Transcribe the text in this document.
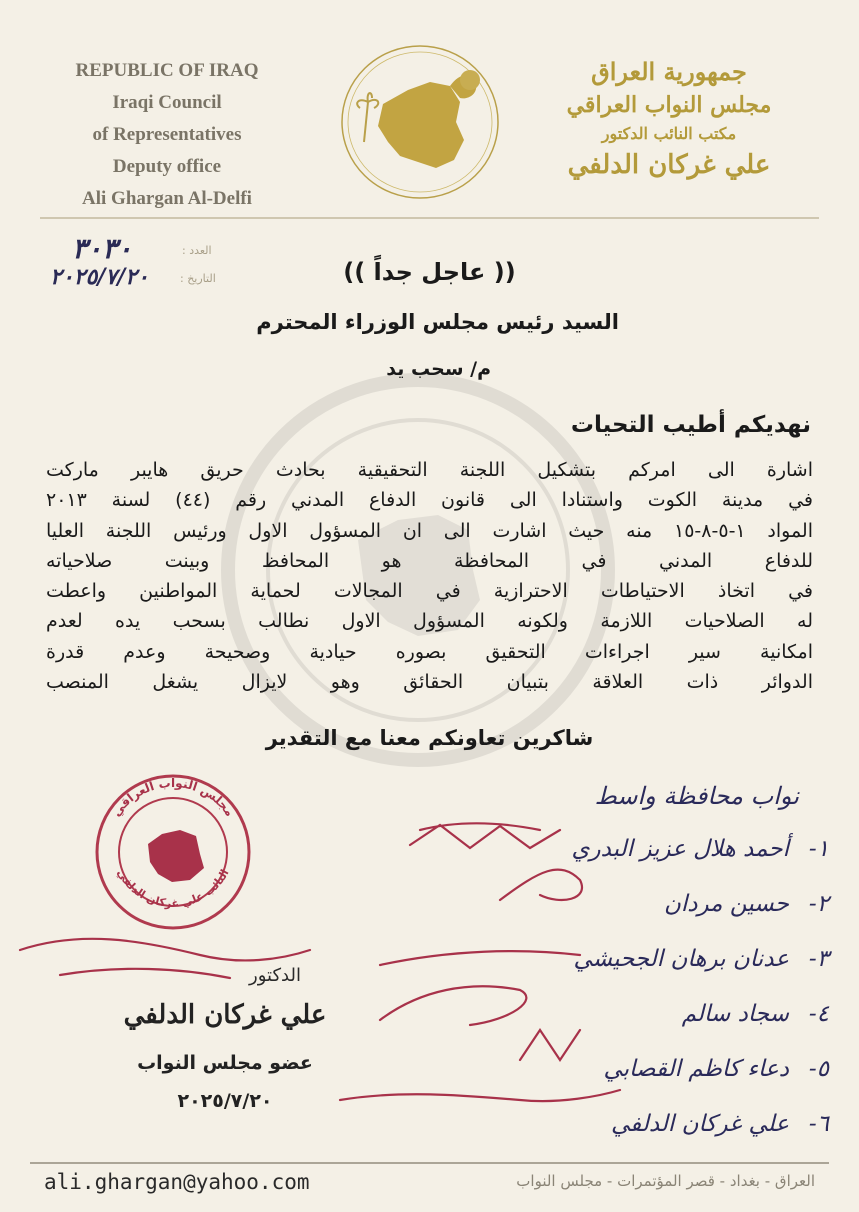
REPUBLIC OF IRAQ
Iraqi Council
of Representatives
Deputy office
Ali Ghargan Al-Delfi
جمهورية العراق
مجلس النواب العراقي
مكتب النائب الدكتور
علي غركان الدلفي
العدد :
٣٠٣٠
التاريخ :
٢٠٢٥/٧/٢٠	(( عاجل جداً ))
السيد رئيس مجلس الوزراء المحترم
م/ سحب يد
نهديكم أطيب التحيات
اشارة الى امركم بتشكيل اللجنة التحقيقية بحادث حريق هايبر ماركت
في مدينة الكوت واستنادا الى قانون الدفاع المدني رقم (٤٤) لسنة ٢٠١٣
المواد ١-٥-٨-١٥ منه حيث اشارت الى ان المسؤول الاول ورئيس اللجنة العليا
للدفاع المدني في المحافظة هو المحافظ وبينت صلاحياته
في اتخاذ الاحتياطات الاحترازية في المجالات لحماية المواطنين واعطت
له الصلاحيات اللازمة ولكونه المسؤول الاول نطالب بسحب يده لعدم
امكانية سير اجراءات التحقيق بصوره حيادية وصحيحة وعدم قدرة
الدوائر ذات العلاقة بتبيان الحقائق وهو لايزال يشغل المنصب
شاكرين تعاونكم معنا مع التقدير
مجلس النواب العراقي
النائب علي غركان الدلفي
نواب محافظة واسط
١-أحمد هلال عزيز البدري
٢-حسين مردان
٣-عدنان برهان الجحيشي
٤-سجاد سالم
٥-دعاء كاظم القصابي
٦-علي غركان الدلفي
الدكتور
علي غركان الدلفي
عضو مجلس النواب
٢٠٢٥/٧/٢٠
ali.ghargan@yahoo.com	العراق - بغداد - قصر المؤتمرات - مجلس النواب
